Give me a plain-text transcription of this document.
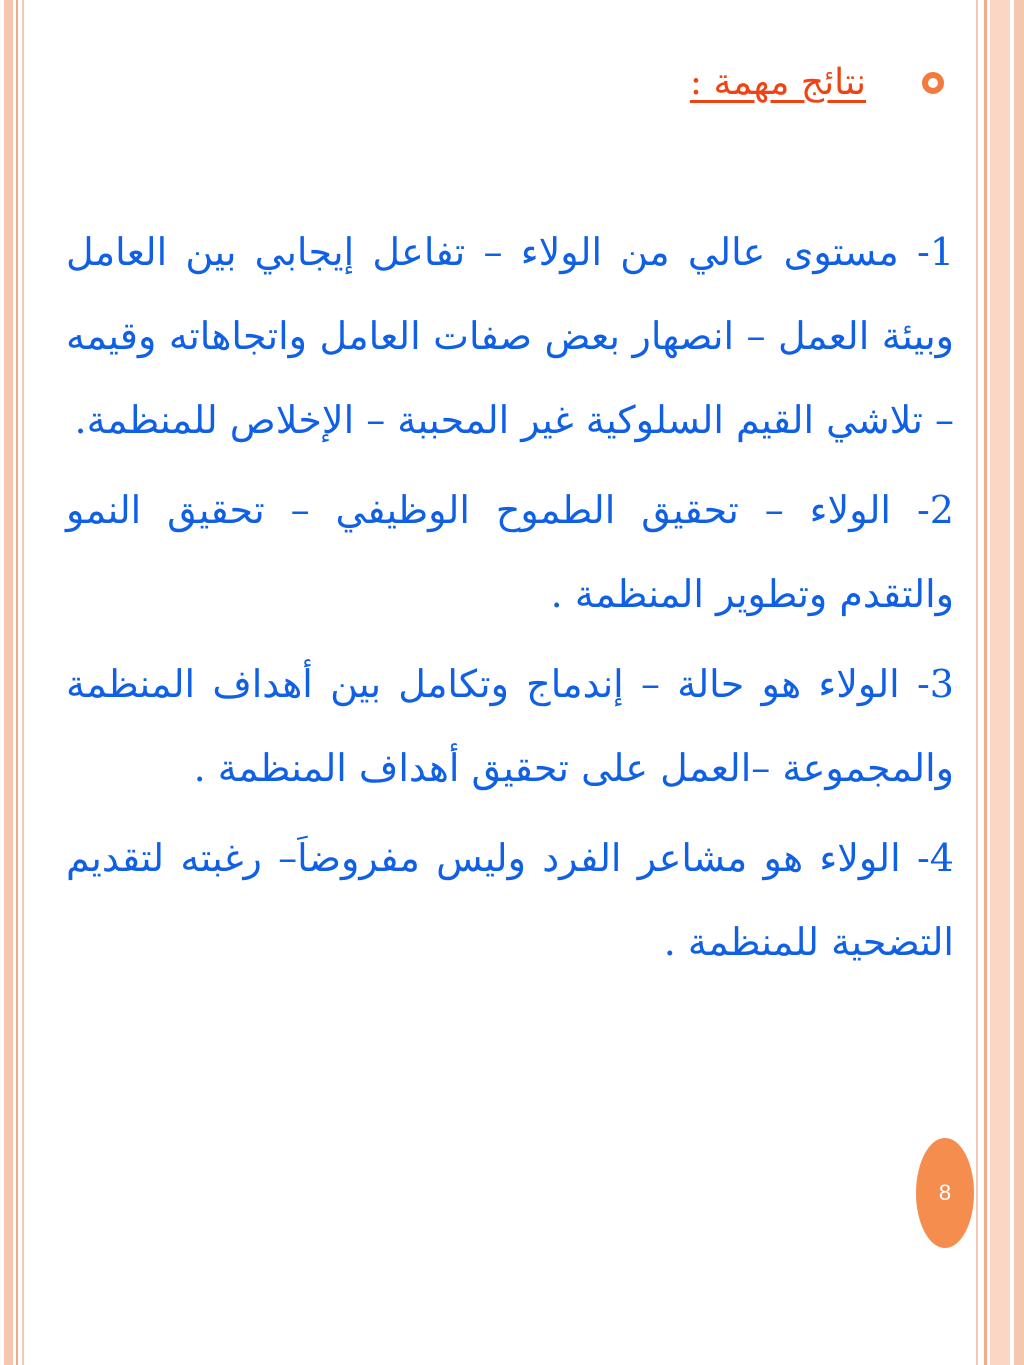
نتائج مهمة :

1- مستوى عالي من الولاء – تفاعل إيجابي بين العامل وبيئة العمل – انصهار بعض صفات العامل واتجاهاته وقيمه – تلاشي القيم السلوكية غير المحببة – الإخلاص للمنظمة.

2- الولاء – تحقيق الطموح الوظيفي – تحقيق النمو والتقدم وتطوير المنظمة .

3- الولاء هو حالة – إندماج وتكامل بين أهداف المنظمة والمجموعة –العمل على تحقيق أهداف المنظمة .

4- الولاء هو مشاعر الفرد وليس مفروضاَ– رغبته لتقديم التضحية للمنظمة .

8
